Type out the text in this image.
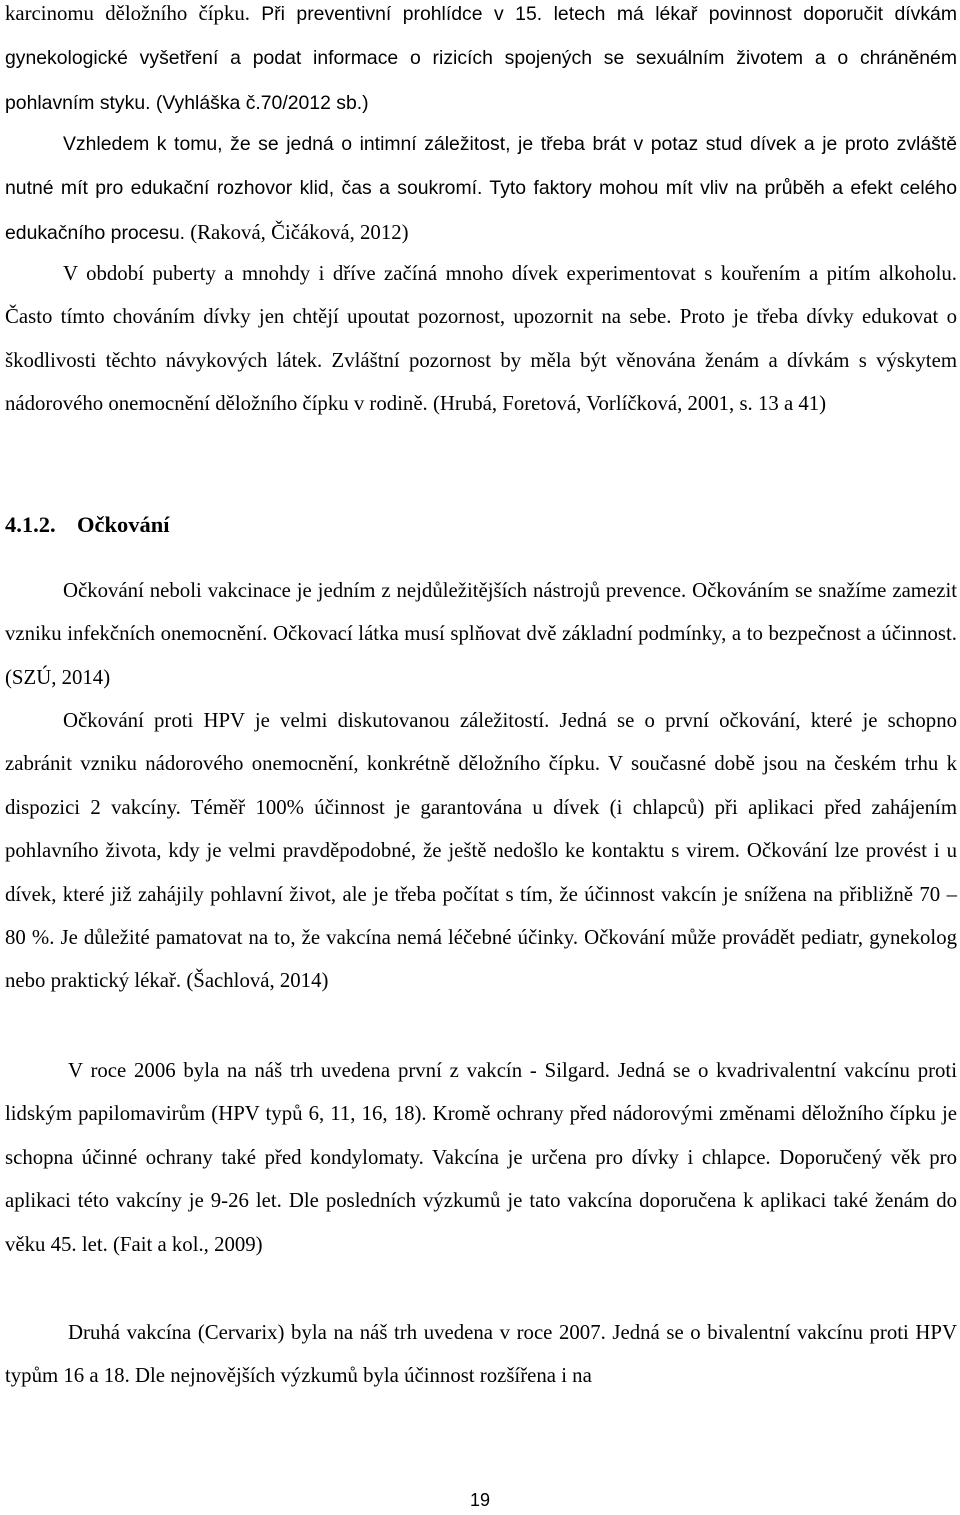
karcinomu děložního čípku. Při preventivní prohlídce v 15. letech má lékař povinnost doporučit dívkám gynekologické vyšetření a podat informace o rizicích spojených se sexuálním životem a o chráněném pohlavním styku. (Vyhláška č.70/2012 sb.)

Vzhledem k tomu, že se jedná o intimní záležitost, je třeba brát v potaz stud dívek a je proto zvláště nutné mít pro edukační rozhovor klid, čas a soukromí. Tyto faktory mohou mít vliv na průběh a efekt celého edukačního procesu. (Raková, Čičáková, 2012)

V období puberty a mnohdy i dříve začíná mnoho dívek experimentovat s kouřením a pitím alkoholu. Často tímto chováním dívky jen chtějí upoutat pozornost, upozornit na sebe. Proto je třeba dívky edukovat o škodlivosti těchto návykových látek. Zvláštní pozornost by měla být věnována ženám a dívkám s výskytem nádorového onemocnění děložního čípku v rodině. (Hrubá, Foretová, Vorlíčková, 2001, s. 13 a 41)

4.1.2. Očkování

Očkování neboli vakcinace je jedním z nejdůležitějších nástrojů prevence. Očkováním se snažíme zamezit vzniku infekčních onemocnění. Očkovací látka musí splňovat dvě základní podmínky, a to bezpečnost a účinnost. (SZÚ, 2014)

Očkování proti HPV je velmi diskutovanou záležitostí. Jedná se o první očkování, které je schopno zabránit vzniku nádorového onemocnění, konkrétně děložního čípku. V současné době jsou na českém trhu k dispozici 2 vakcíny. Téměř 100% účinnost je garantována u dívek (i chlapců) při aplikaci před zahájením pohlavního života, kdy je velmi pravděpodobné, že ještě nedošlo ke kontaktu s virem. Očkování lze provést i u dívek, které již zahájily pohlavní život, ale je třeba počítat s tím, že účinnost vakcín je snížena na přibližně 70 – 80 %. Je důležité pamatovat na to, že vakcína nemá léčebné účinky. Očkování může provádět pediatr, gynekolog nebo praktický lékař. (Šachlová, 2014)

V roce 2006 byla na náš trh uvedena první z vakcín - Silgard. Jedná se o kvadrivalentní vakcínu proti lidským papilomavirům (HPV typů 6, 11, 16, 18). Kromě ochrany před nádorovými změnami děložního čípku je schopna účinné ochrany také před kondylomaty. Vakcína je určena pro dívky i chlapce. Doporučený věk pro aplikaci této vakcíny je 9-26 let. Dle posledních výzkumů je tato vakcína doporučena k aplikaci také ženám do věku 45. let. (Fait a kol., 2009)

Druhá vakcína (Cervarix) byla na náš trh uvedena v roce 2007. Jedná se o bivalentní vakcínu proti HPV typům 16 a 18. Dle nejnovějších výzkumů byla účinnost rozšířena i na

19
